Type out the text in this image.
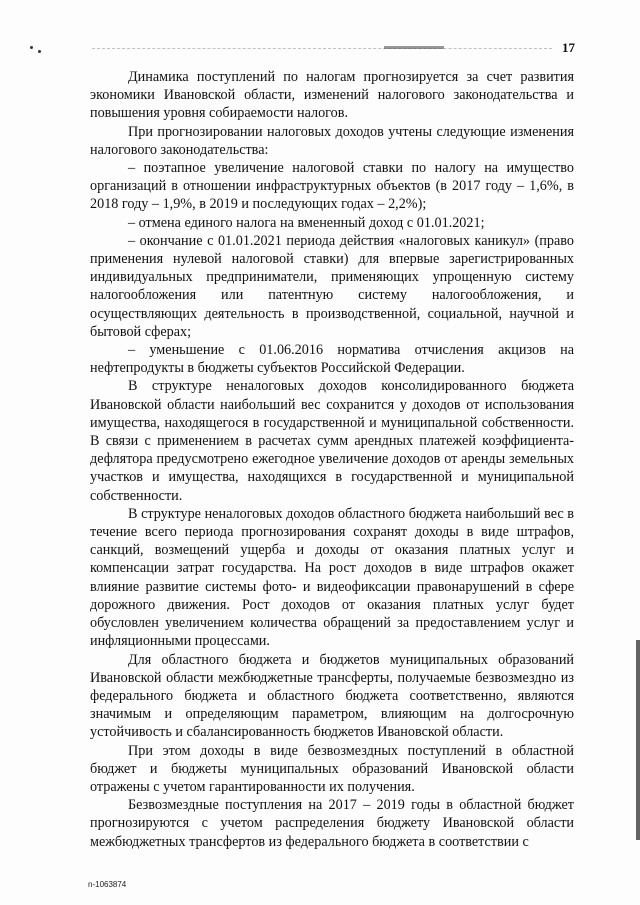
17

Динамика поступлений по налогам прогнозируется за счет развития экономики Ивановской области, изменений налогового законодательства и повышения уровня собираемости налогов.

При прогнозировании налоговых доходов учтены следующие изменения налогового законодательства:

– поэтапное увеличение налоговой ставки по налогу на имущество организаций в отношении инфраструктурных объектов (в 2017 году – 1,6%, в 2018 году – 1,9%, в 2019 и последующих годах – 2,2%);

– отмена единого налога на вмененный доход с 01.01.2021;

– окончание с 01.01.2021 периода действия «налоговых каникул» (право применения нулевой налоговой ставки) для впервые зарегистрированных индивидуальных предприниматели, применяющих упрощенную систему налогообложения или патентную систему налогообложения, и осуществляющих деятельность в производственной, социальной, научной и бытовой сферах;

– уменьшение с 01.06.2016 норматива отчисления акцизов на нефтепродукты в бюджеты субъектов Российской Федерации.

В структуре неналоговых доходов консолидированного бюджета Ивановской области наибольший вес сохранится у доходов от использования имущества, находящегося в государственной и муниципальной собственности. В связи с применением в расчетах сумм арендных платежей коэффициента-дефлятора предусмотрено ежегодное увеличение доходов от аренды земельных участков и имущества, находящихся в государственной и муниципальной собственности.

В структуре неналоговых доходов областного бюджета наибольший вес в течение всего периода прогнозирования сохранят доходы в виде штрафов, санкций, возмещений ущерба и доходы от оказания платных услуг и компенсации затрат государства. На рост доходов в виде штрафов окажет влияние развитие системы фото- и видеофиксации правонарушений в сфере дорожного движения. Рост доходов от оказания платных услуг будет обусловлен увеличением количества обращений за предоставлением услуг и инфляционными процессами.

Для областного бюджета и бюджетов муниципальных образований Ивановской области межбюджетные трансферты, получаемые безвозмездно из федерального бюджета и областного бюджета соответственно, являются значимым и определяющим параметром, влияющим на долгосрочную устойчивость и сбалансированность бюджетов Ивановской области.

При этом доходы в виде безвозмездных поступлений в областной бюджет и бюджеты муниципальных образований Ивановской области отражены с учетом гарантированности их получения.

Безвозмездные поступления на 2017 – 2019 годы в областной бюджет прогнозируются с учетом распределения бюджету Ивановской области межбюджетных трансфертов из федерального бюджета в соответствии с

n-1063874
